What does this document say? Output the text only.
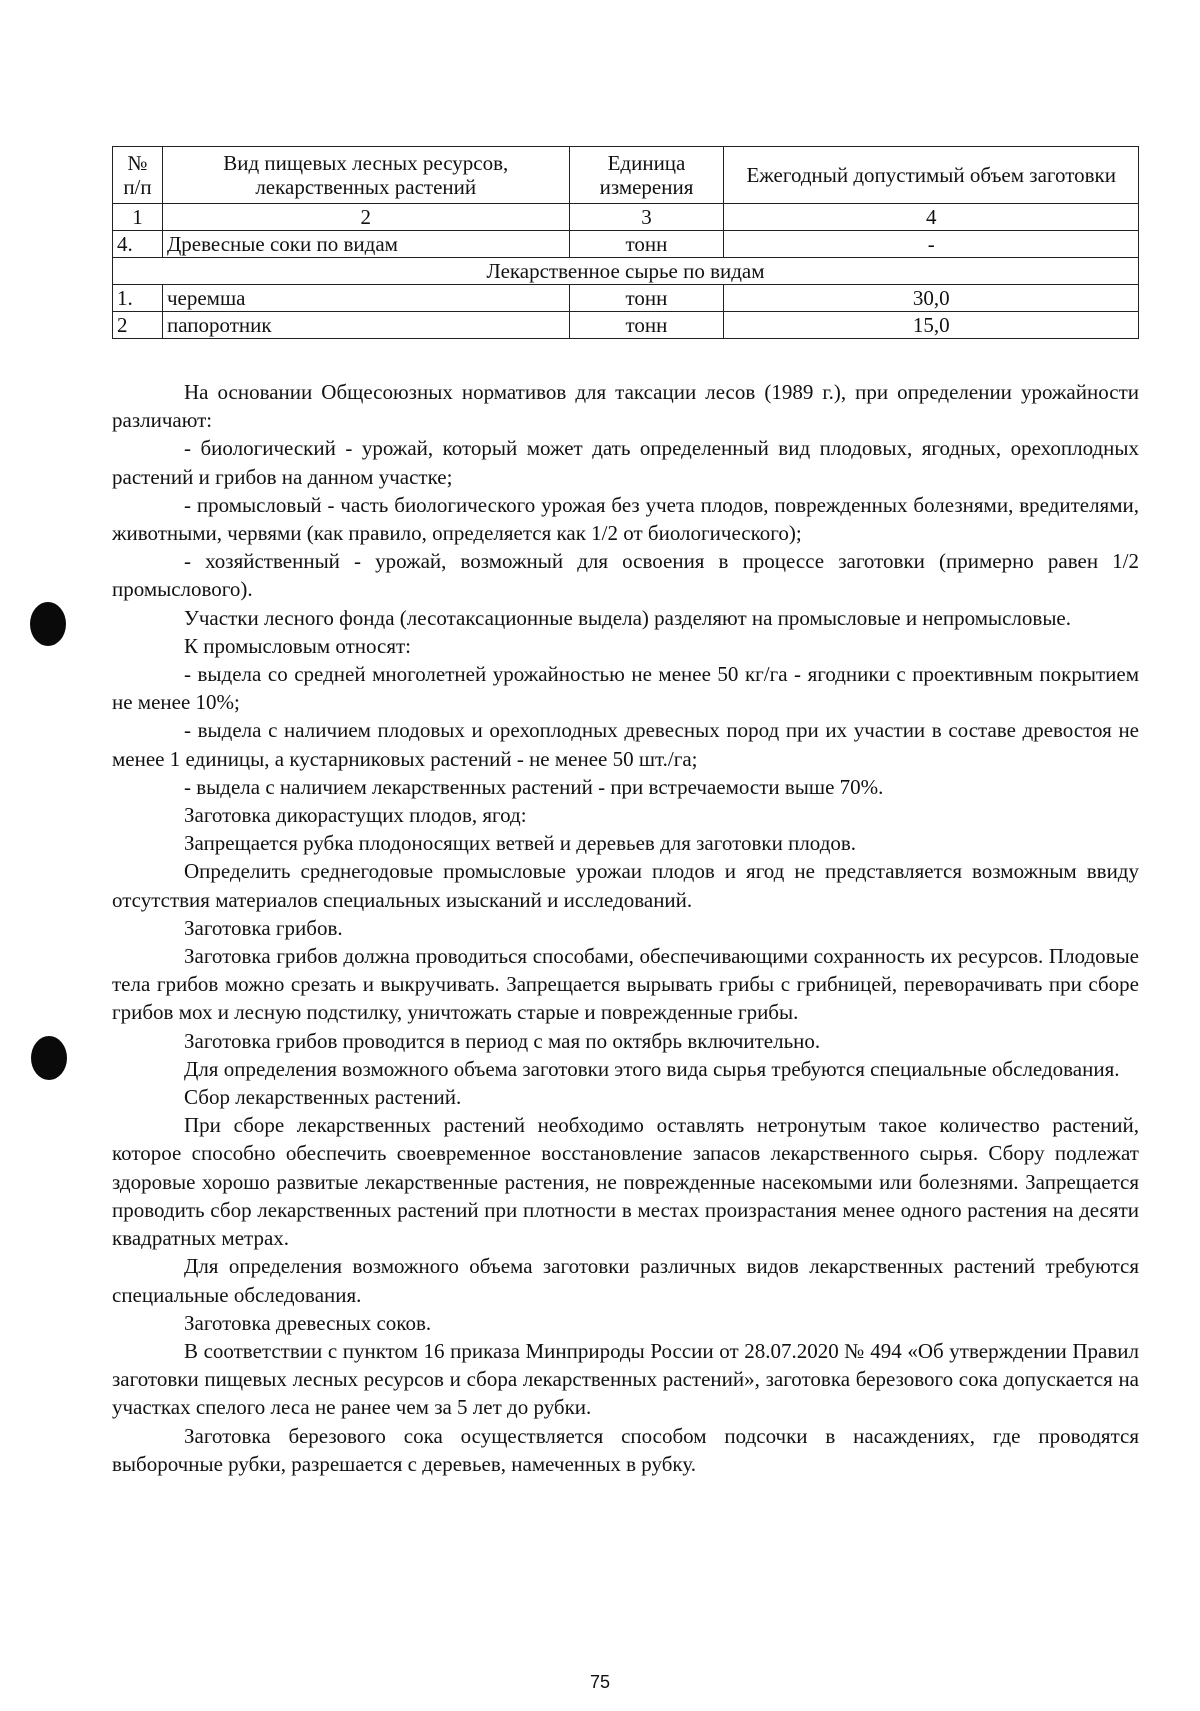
№ п/п	Вид пищевых лесных ресурсов, лекарственных растений	Единица измерения	Ежегодный допустимый объем заготовки
1	2	3	4
4.	Древесные соки по видам	тонн	-
Лекарственное сырье по видам			
1.	черемша	тонн	30,0
2	папоротник	тонн	15,0

На основании Общесоюзных нормативов для таксации лесов (1989 г.), при определении урожайности различают:

- биологический - урожай, который может дать определенный вид плодовых, ягодных, орехоплодных растений и грибов на данном участке;

- промысловый - часть биологического урожая без учета плодов, поврежденных болезнями, вредителями, животными, червями (как правило, определяется как 1/2 от биологического);

- хозяйственный - урожай, возможный для освоения в процессе заготовки (примерно равен 1/2 промыслового).

Участки лесного фонда (лесотаксационные выдела) разделяют на промысловые и непромысловые.

К промысловым относят:

- выдела со средней многолетней урожайностью не менее 50 кг/га - ягодники с проективным покрытием не менее 10%;

- выдела с наличием плодовых и орехоплодных древесных пород при их участии в составе древостоя не менее 1 единицы, а кустарниковых растений - не менее 50 шт./га;

- выдела с наличием лекарственных растений - при встречаемости выше 70%.

Заготовка дикорастущих плодов, ягод:

Запрещается рубка плодоносящих ветвей и деревьев для заготовки плодов.

Определить среднегодовые промысловые урожаи плодов и ягод не представляется возможным ввиду отсутствия материалов специальных изысканий и исследований.

Заготовка грибов.

Заготовка грибов должна проводиться способами, обеспечивающими сохранность их ресурсов. Плодовые тела грибов можно срезать и выкручивать. Запрещается вырывать грибы с грибницей, переворачивать при сборе грибов мох и лесную подстилку, уничтожать старые и поврежденные грибы.

Заготовка грибов проводится в период с мая по октябрь включительно.

Для определения возможного объема заготовки этого вида сырья требуются специальные обследования.

Сбор лекарственных растений.

При сборе лекарственных растений необходимо оставлять нетронутым такое количество растений, которое способно обеспечить своевременное восстановление запасов лекарственного сырья. Сбору подлежат здоровые хорошо развитые лекарственные растения, не поврежденные насекомыми или болезнями. Запрещается проводить сбор лекарственных растений при плотности в местах произрастания менее одного растения на десяти квадратных метрах.

Для определения возможного объема заготовки различных видов лекарственных растений требуются специальные обследования.

Заготовка древесных соков.

В соответствии с пунктом 16 приказа Минприроды России от 28.07.2020 № 494 «Об утверждении Правил заготовки пищевых лесных ресурсов и сбора лекарственных растений», заготовка березового сока допускается на участках спелого леса не ранее чем за 5 лет до рубки.

Заготовка березового сока осуществляется способом подсочки в насаждениях, где проводятся выборочные рубки, разрешается с деревьев, намеченных в рубку.

75
